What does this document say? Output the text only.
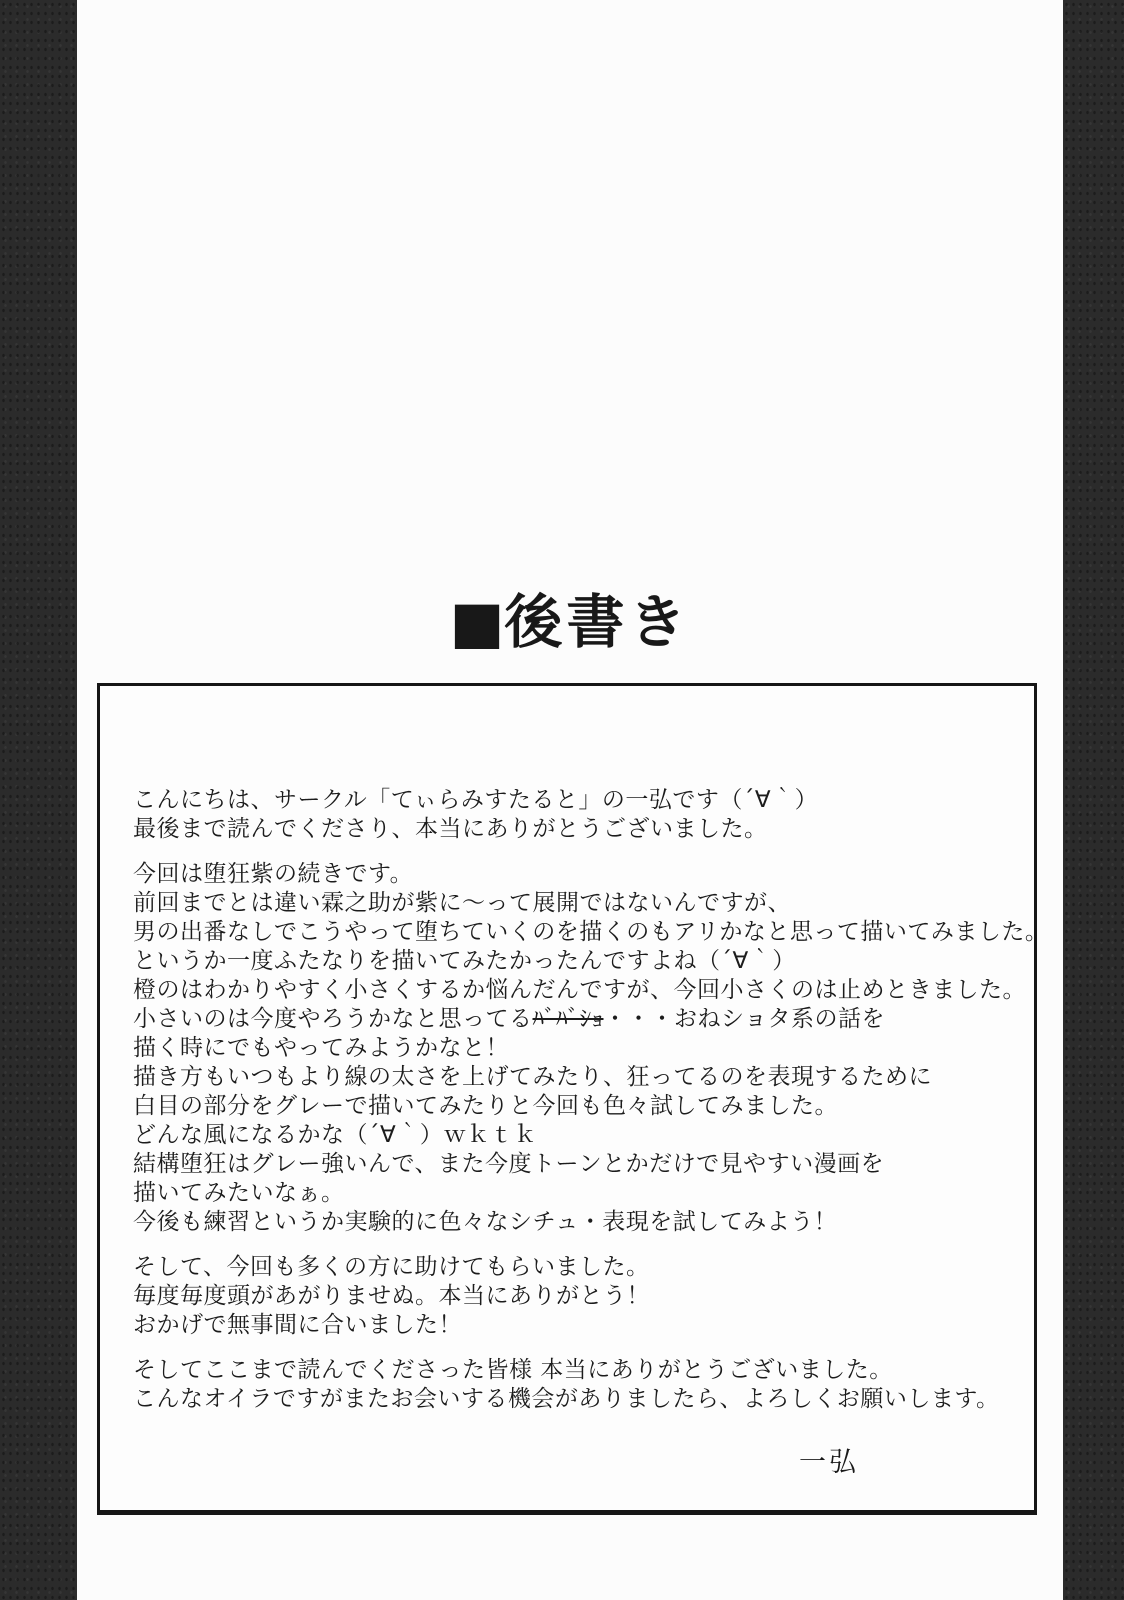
■後書き

こんにちは、サークル「てぃらみすたると」の一弘です（´∀｀）
最後まで読んでくださり、本当にありがとうございました。

今回は堕狂紫の続きです。
前回までとは違い霖之助が紫に～って展開ではないんですが、
男の出番なしでこうやって堕ちていくのを描くのもアリかなと思って描いてみました。
というか一度ふたなりを描いてみたかったんですよね（´∀｀）
橙のはわかりやすく小さくするか悩んだんですが、今回小さくのは止めときました。
小さいのは今度やろうかなと思ってるﾊﾞﾊﾞｼｮ・・・おねショタ系の話を
描く時にでもやってみようかなと！
描き方もいつもより線の太さを上げてみたり、狂ってるのを表現するために
白目の部分をグレーで描いてみたりと今回も色々試してみました。
どんな風になるかな（´∀｀）ｗｋｔｋ
結構堕狂はグレー強いんで、また今度トーンとかだけで見やすい漫画を
描いてみたいなぁ。
今後も練習というか実験的に色々なシチュ・表現を試してみよう！

そして、今回も多くの方に助けてもらいました。
毎度毎度頭があがりませぬ。本当にありがとう！
おかげで無事間に合いました！

そしてここまで読んでくださった皆様 本当にありがとうございました。
こんなオイラですがまたお会いする機会がありましたら、よろしくお願いします。

一弘
